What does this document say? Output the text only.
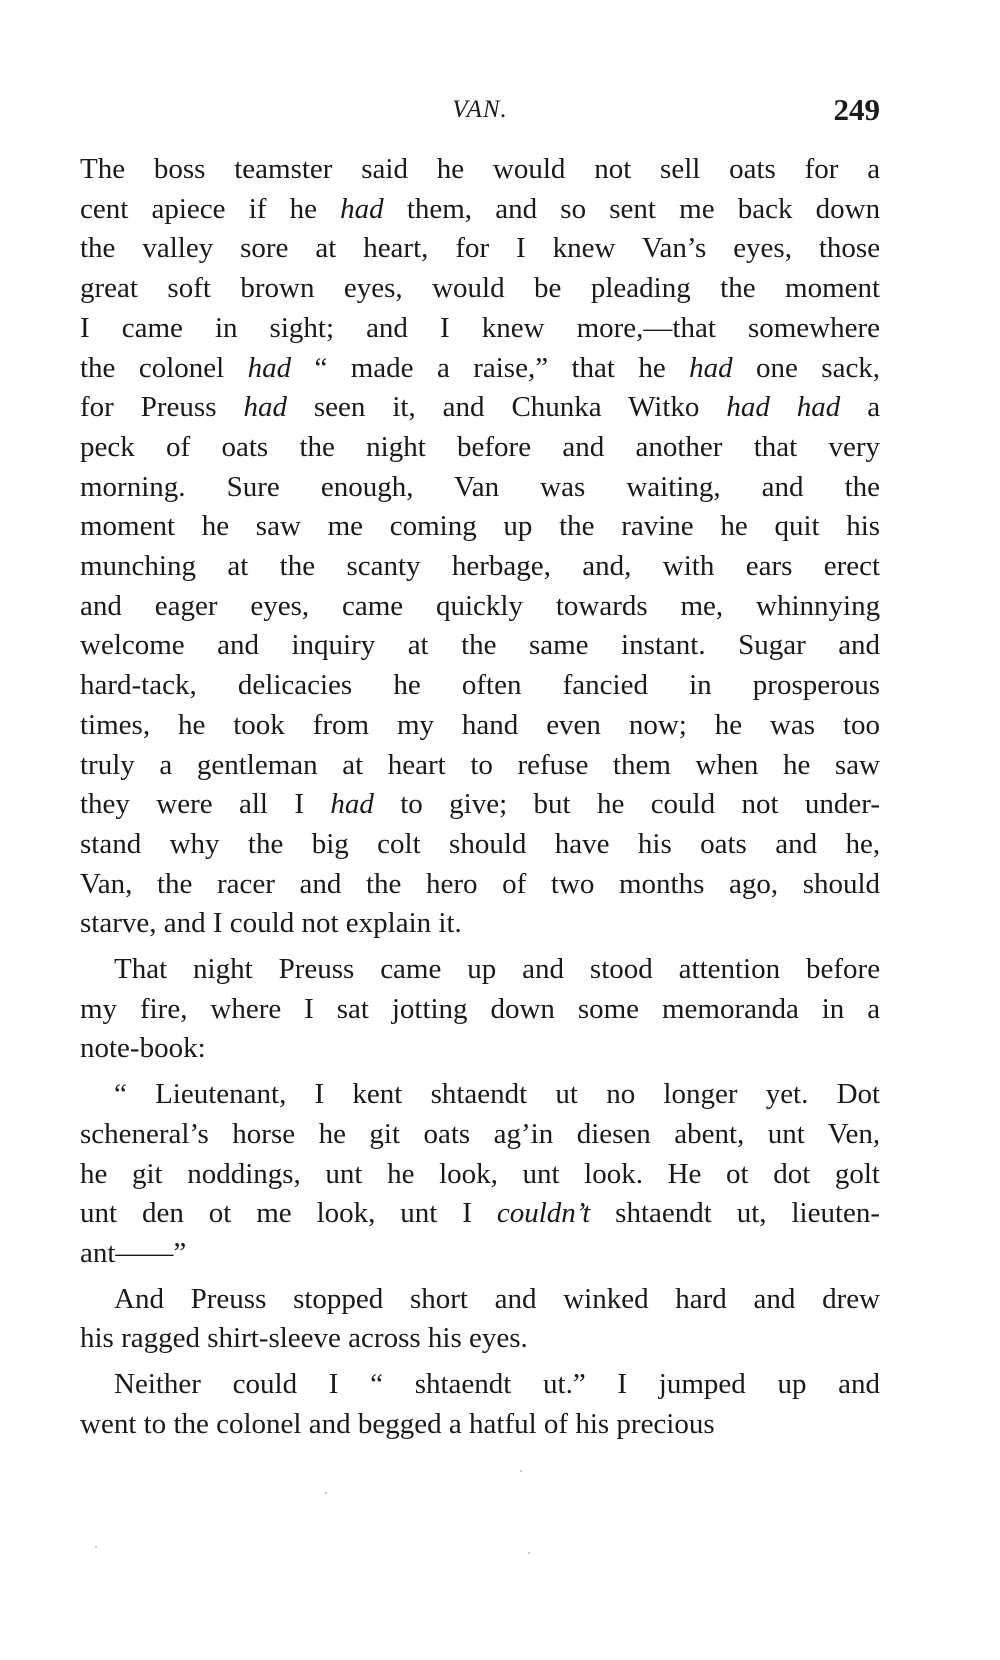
VAN.	249

The boss teamster said he would not sell oats for a
cent apiece if he had them, and so sent me back down
the valley sore at heart, for I knew Van’s eyes, those
great soft brown eyes, would be pleading the moment
I came in sight; and I knew more,—that somewhere
the colonel had “ made a raise,” that he had one sack,
for Preuss had seen it, and Chunka Witko had had a
peck of oats the night before and another that very
morning. Sure enough, Van was waiting, and the
moment he saw me coming up the ravine he quit his
munching at the scanty herbage, and, with ears erect
and eager eyes, came quickly towards me, whinnying
welcome and inquiry at the same instant. Sugar and
hard-tack, delicacies he often fancied in prosperous
times, he took from my hand even now; he was too
truly a gentleman at heart to refuse them when he saw
they were all I had to give; but he could not under-
stand why the big colt should have his oats and he,
Van, the racer and the hero of two months ago, should
starve, and I could not explain it.

That night Preuss came up and stood attention before
my fire, where I sat jotting down some memoranda in a
note-book:

“ Lieutenant, I kent shtaendt ut no longer yet. Dot
scheneral’s horse he git oats ag’in diesen abent, unt Ven,
he git noddings, unt he look, unt look. He ot dot golt
unt den ot me look, unt I couldn’t shtaendt ut, lieuten-
ant——”

And Preuss stopped short and winked hard and drew
his ragged shirt-sleeve across his eyes.

Neither could I “ shtaendt ut.” I jumped up and
went to the colonel and begged a hatful of his precious
